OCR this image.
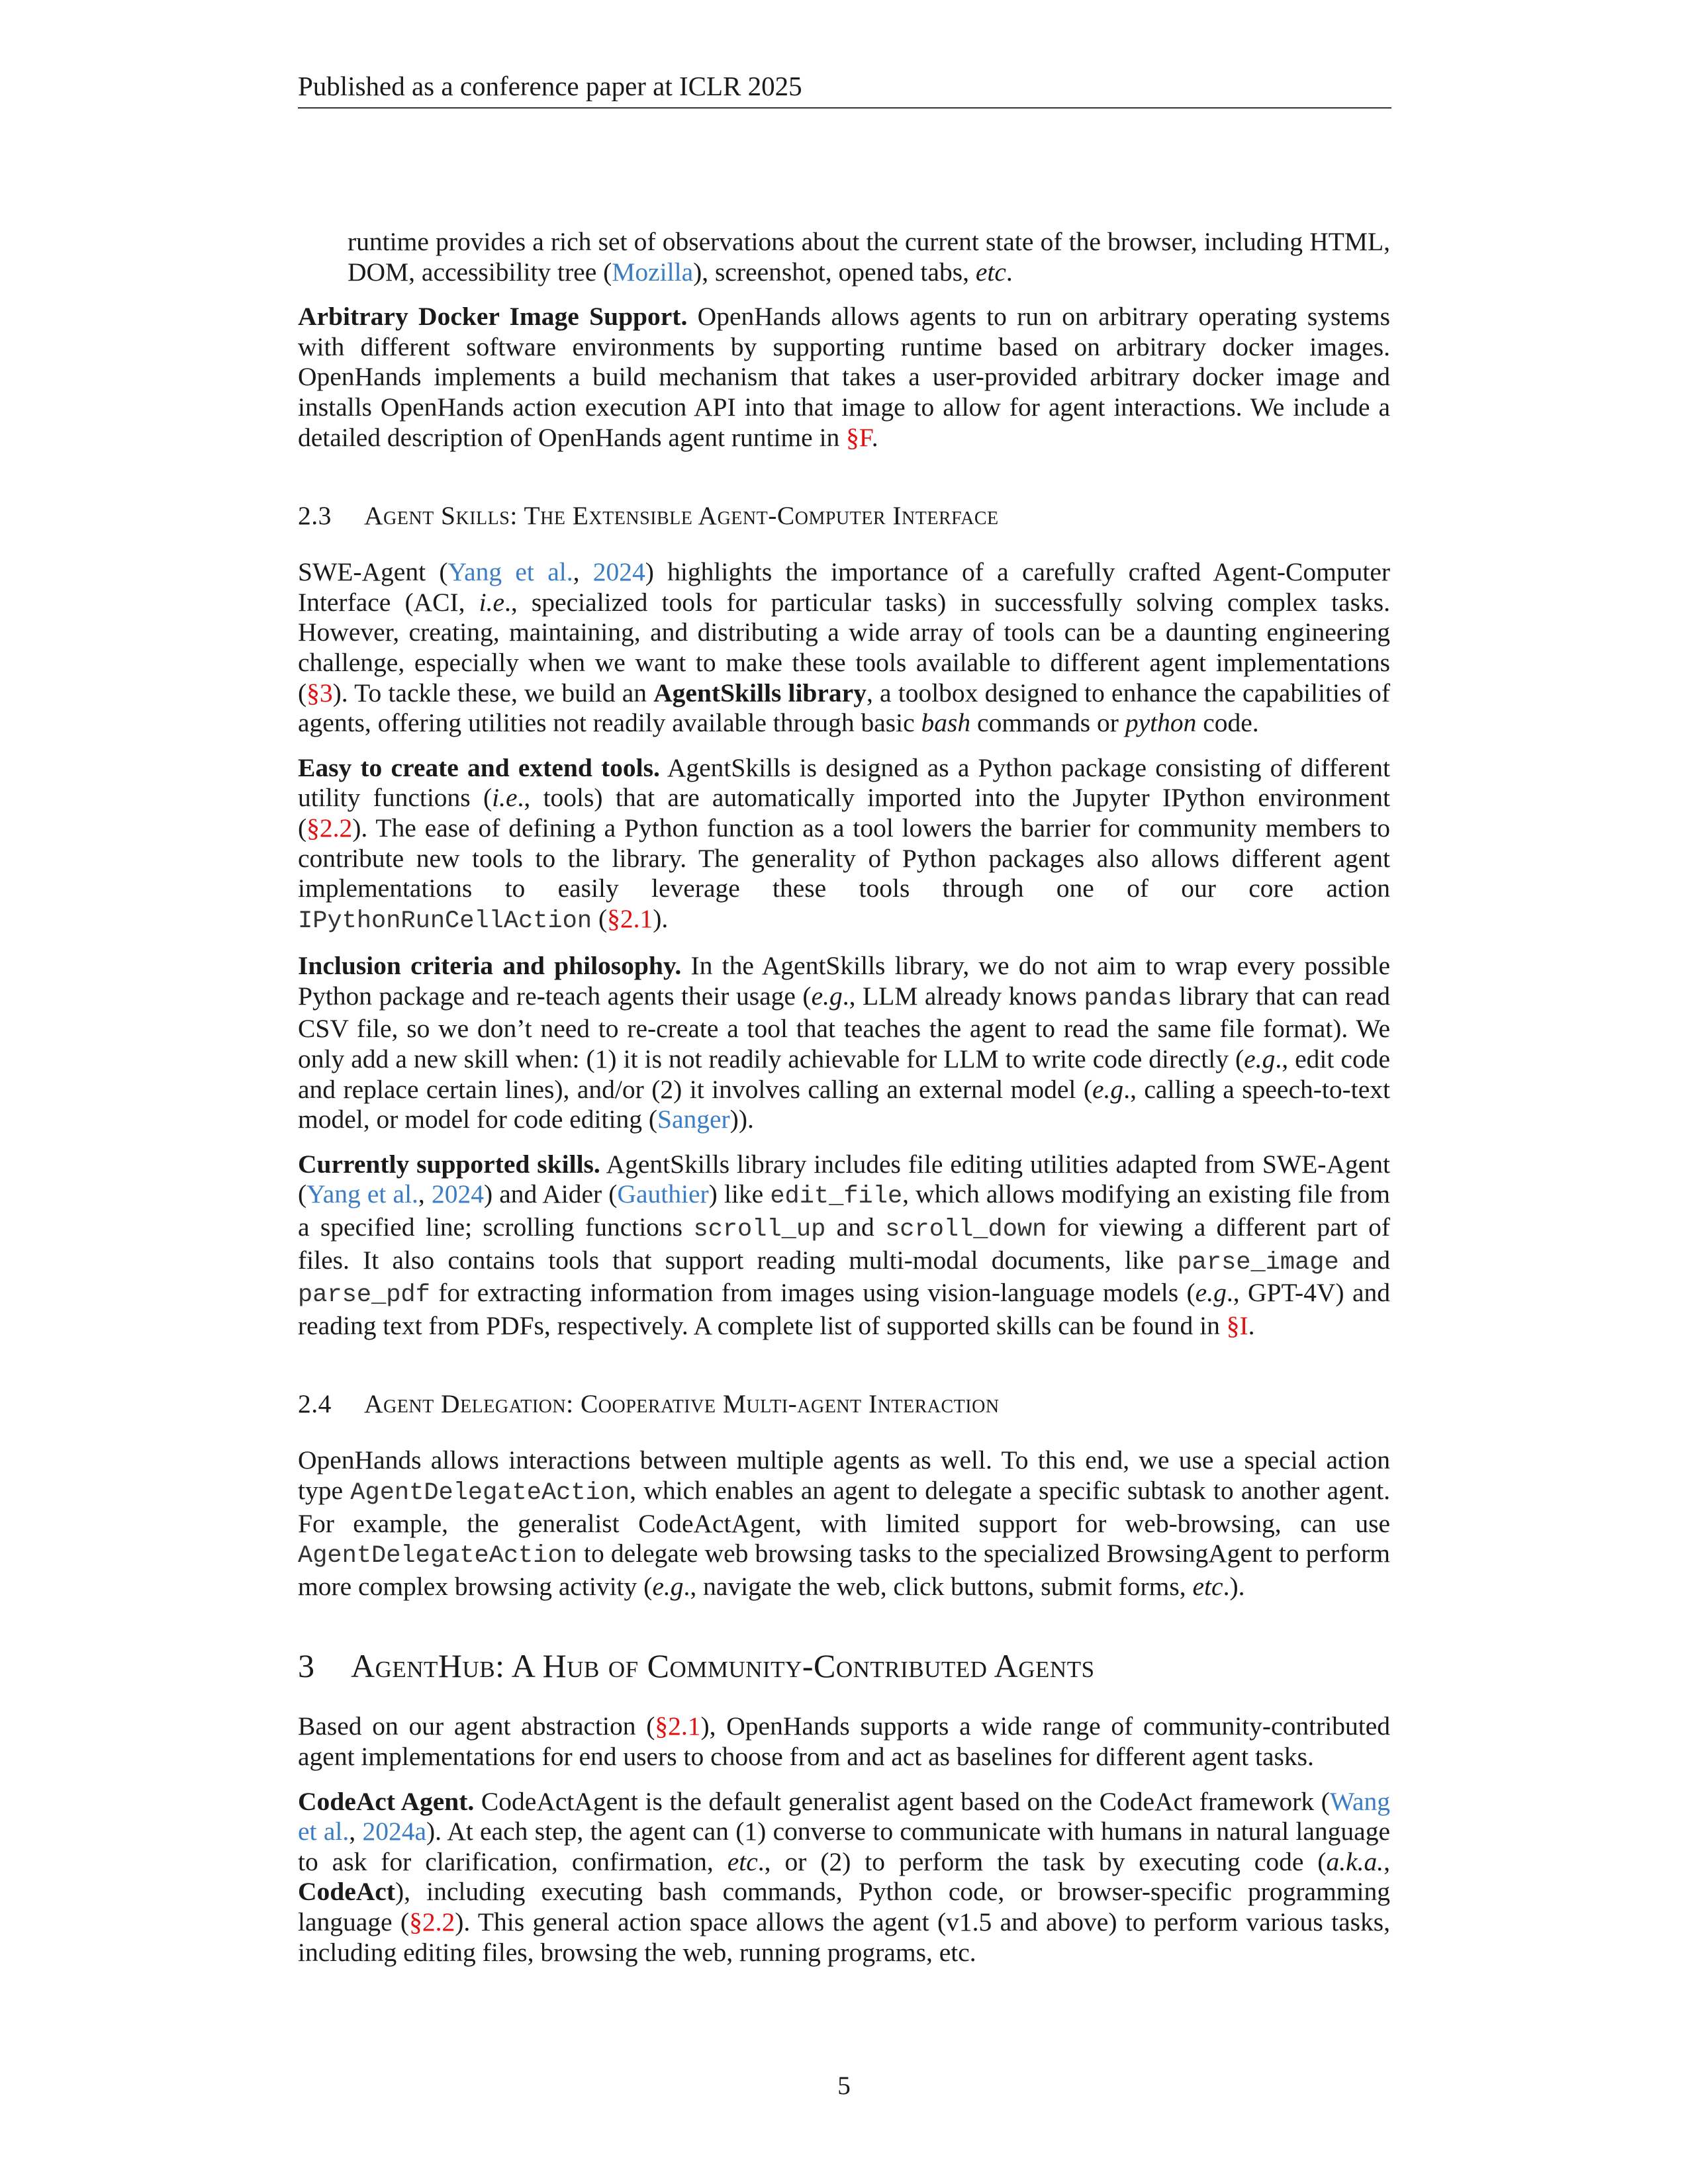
Published as a conference paper at ICLR 2025

runtime provides a rich set of observations about the current state of the browser, including HTML, DOM, accessibility tree (Mozilla), screenshot, opened tabs, etc.

Arbitrary Docker Image Support. OpenHands allows agents to run on arbitrary operating systems with different software environments by supporting runtime based on arbitrary docker images. OpenHands implements a build mechanism that takes a user-provided arbitrary docker image and installs OpenHands action execution API into that image to allow for agent interactions. We include a detailed description of OpenHands agent runtime in §F.

2.3 Agent Skills: The Extensible Agent-Computer Interface

SWE-Agent (Yang et al., 2024) highlights the importance of a carefully crafted Agent-Computer Interface (ACI, i.e., specialized tools for particular tasks) in successfully solving complex tasks. However, creating, maintaining, and distributing a wide array of tools can be a daunting engineering challenge, especially when we want to make these tools available to different agent implementations (§3). To tackle these, we build an AgentSkills library, a toolbox designed to enhance the capabilities of agents, offering utilities not readily available through basic bash commands or python code.

Easy to create and extend tools. AgentSkills is designed as a Python package consisting of different utility functions (i.e., tools) that are automatically imported into the Jupyter IPython environment (§2.2). The ease of defining a Python function as a tool lowers the barrier for community members to contribute new tools to the library. The generality of Python packages also allows different agent implementations to easily leverage these tools through one of our core action IPythonRunCellAction (§2.1).

Inclusion criteria and philosophy. In the AgentSkills library, we do not aim to wrap every possible Python package and re-teach agents their usage (e.g., LLM already knows pandas library that can read CSV file, so we don’t need to re-create a tool that teaches the agent to read the same file format). We only add a new skill when: (1) it is not readily achievable for LLM to write code directly (e.g., edit code and replace certain lines), and/or (2) it involves calling an external model (e.g., calling a speech-to-text model, or model for code editing (Sanger)).

Currently supported skills. AgentSkills library includes file editing utilities adapted from SWE-Agent (Yang et al., 2024) and Aider (Gauthier) like edit_file, which allows modifying an existing file from a specified line; scrolling functions scroll_up and scroll_down for viewing a different part of files. It also contains tools that support reading multi-modal documents, like parse_image and parse_pdf for extracting information from images using vision-language models (e.g., GPT-4V) and reading text from PDFs, respectively. A complete list of supported skills can be found in §I.

2.4 Agent Delegation: Cooperative Multi-agent Interaction

OpenHands allows interactions between multiple agents as well. To this end, we use a special action type AgentDelegateAction, which enables an agent to delegate a specific subtask to another agent. For example, the generalist CodeActAgent, with limited support for web-browsing, can use AgentDelegateAction to delegate web browsing tasks to the specialized BrowsingAgent to perform more complex browsing activity (e.g., navigate the web, click buttons, submit forms, etc.).

3 AgentHub: A Hub of Community-Contributed Agents

Based on our agent abstraction (§2.1), OpenHands supports a wide range of community-contributed agent implementations for end users to choose from and act as baselines for different agent tasks.

CodeAct Agent. CodeActAgent is the default generalist agent based on the CodeAct framework (Wang et al., 2024a). At each step, the agent can (1) converse to communicate with humans in natural language to ask for clarification, confirmation, etc., or (2) to perform the task by executing code (a.k.a., CodeAct), including executing bash commands, Python code, or browser-specific programming language (§2.2). This general action space allows the agent (v1.5 and above) to perform various tasks, including editing files, browsing the web, running programs, etc.

5
